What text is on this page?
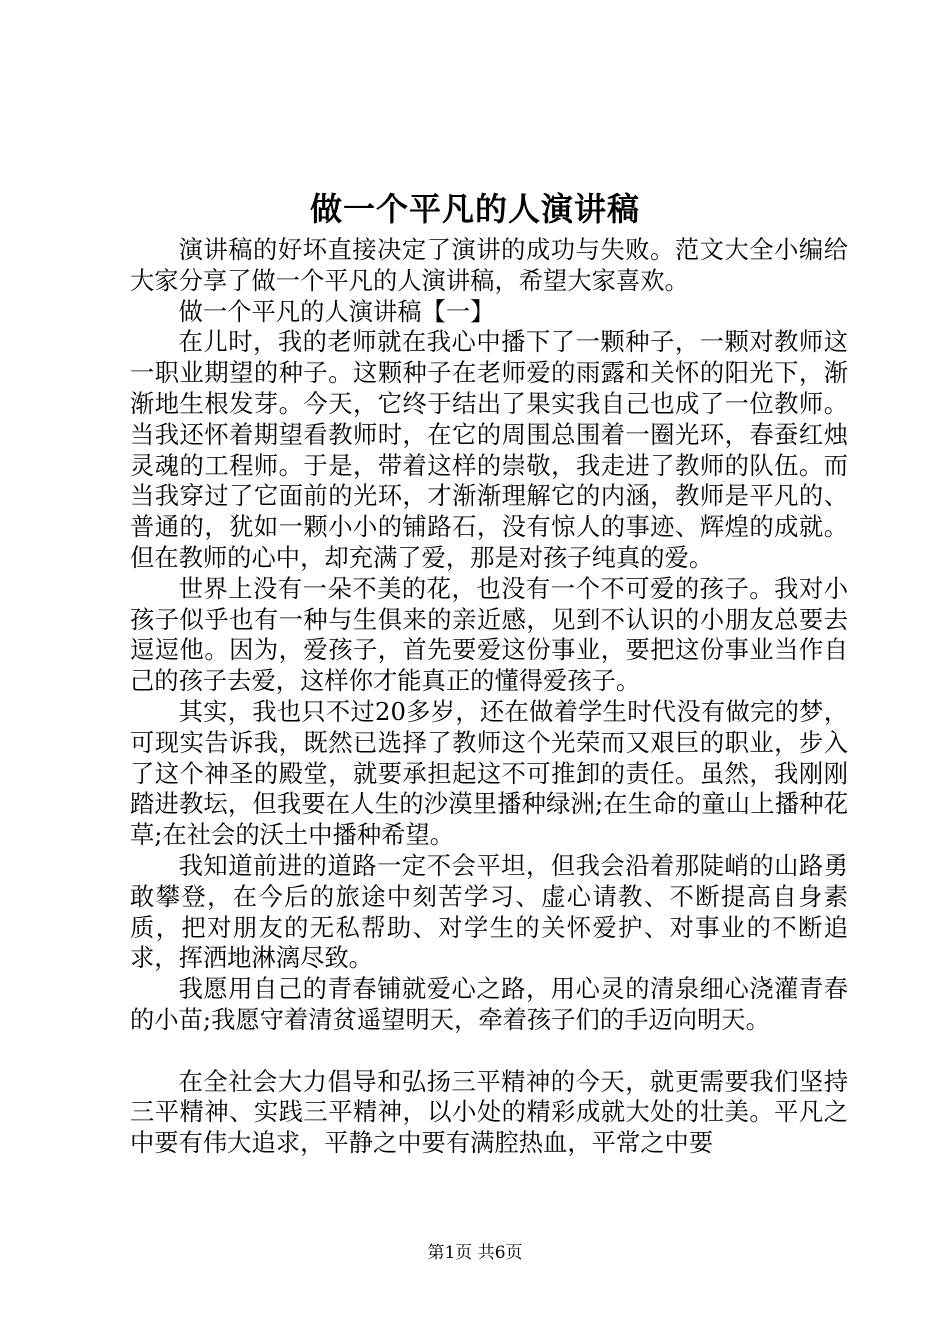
做一个平凡的人演讲稿

演讲稿的好坏直接决定了演讲的成功与失败。范文大全小编给大家分享了做一个平凡的人演讲稿，希望大家喜欢。

做一个平凡的人演讲稿【一】

在儿时，我的老师就在我心中播下了一颗种子，一颗对教师这一职业期望的种子。这颗种子在老师爱的雨露和关怀的阳光下，渐渐地生根发芽。今天，它终于结出了果实我自己也成了一位教师。当我还怀着期望看教师时，在它的周围总围着一圈光环，春蚕红烛灵魂的工程师。于是，带着这样的崇敬，我走进了教师的队伍。而当我穿过了它面前的光环，才渐渐理解它的内涵，教师是平凡的、普通的，犹如一颗小小的铺路石，没有惊人的事迹、辉煌的成就。但在教师的心中，却充满了爱，那是对孩子纯真的爱。

世界上没有一朵不美的花，也没有一个不可爱的孩子。我对小孩子似乎也有一种与生俱来的亲近感，见到不认识的小朋友总要去逗逗他。因为，爱孩子，首先要爱这份事业，要把这份事业当作自己的孩子去爱，这样你才能真正的懂得爱孩子。

其实，我也只不过20多岁，还在做着学生时代没有做完的梦，可现实告诉我，既然已选择了教师这个光荣而又艰巨的职业，步入了这个神圣的殿堂，就要承担起这不可推卸的责任。虽然，我刚刚踏进教坛，但我要在人生的沙漠里播种绿洲;在生命的童山上播种花草;在社会的沃土中播种希望。

我知道前进的道路一定不会平坦，但我会沿着那陡峭的山路勇敢攀登，在今后的旅途中刻苦学习、虚心请教、不断提高自身素质，把对朋友的无私帮助、对学生的关怀爱护、对事业的不断追求，挥洒地淋漓尽致。

我愿用自己的青春铺就爱心之路，用心灵的清泉细心浇灌青春的小苗;我愿守着清贫遥望明天，牵着孩子们的手迈向明天。

在全社会大力倡导和弘扬三平精神的今天，就更需要我们坚持三平精神、实践三平精神，以小处的精彩成就大处的壮美。平凡之中要有伟大追求，平静之中要有满腔热血，平常之中要

第1页 共6页
